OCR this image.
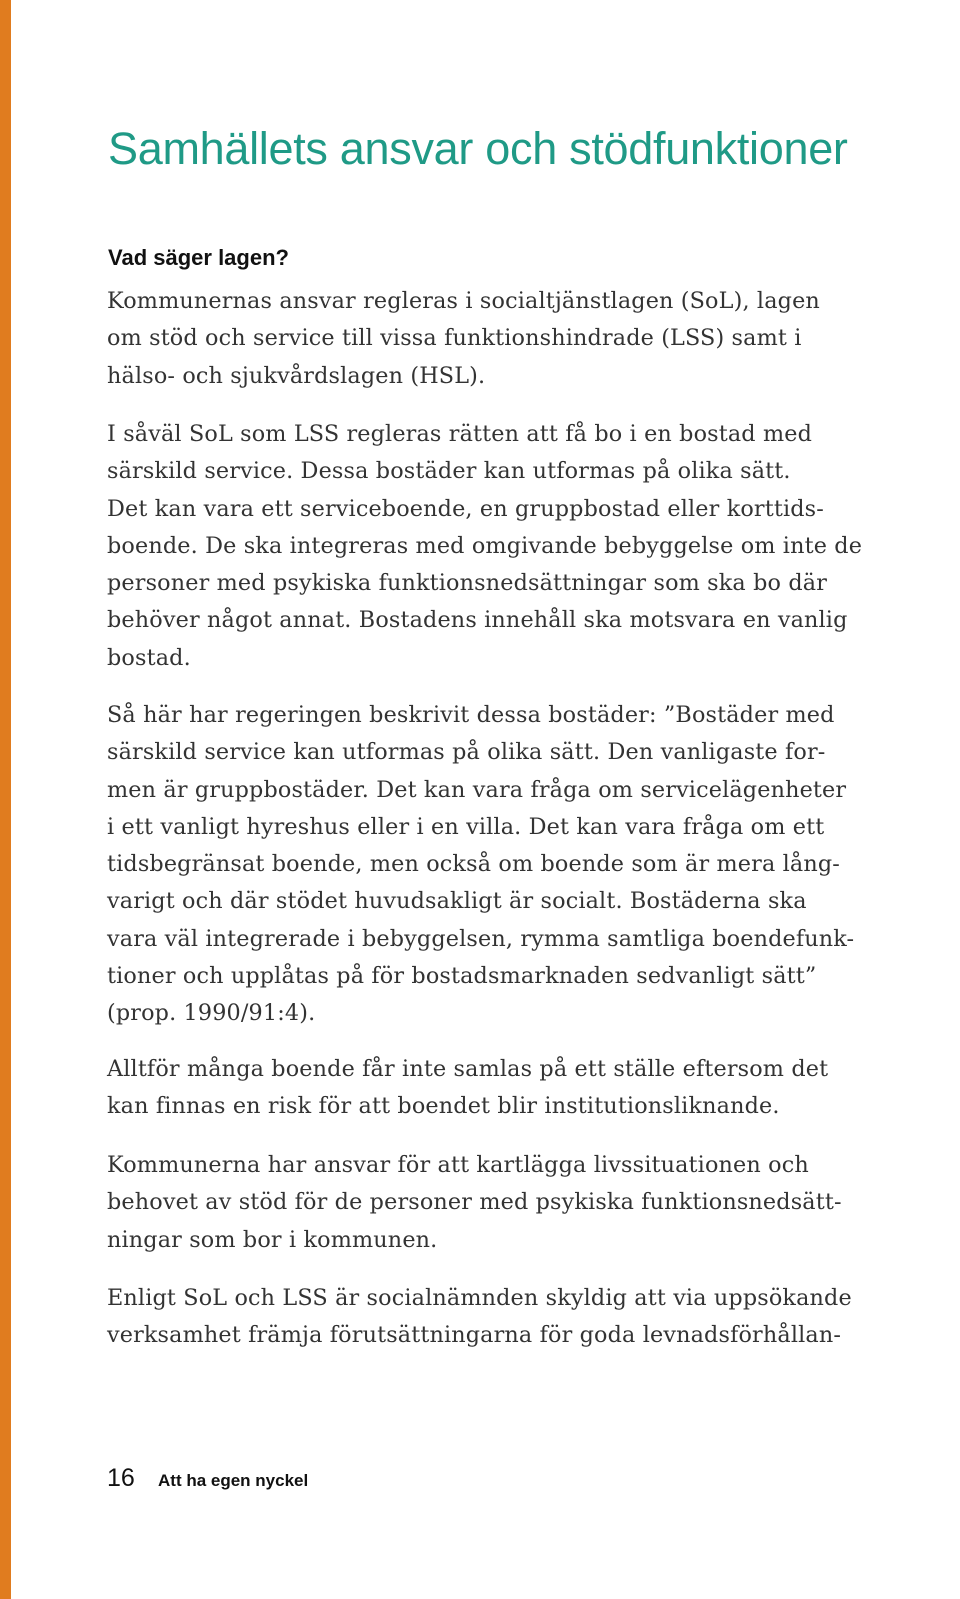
Samhällets ansvar och stödfunktioner
Vad säger lagen?

Kommunernas ansvar regleras i socialtjänstlagen (SoL), lagen
om stöd och service till vissa funktionshindrade (LSS) samt i
hälso- och sjukvårdslagen (HSL).

I såväl SoL som LSS regleras rätten att få bo i en bostad med
särskild service. Dessa bostäder kan utformas på olika sätt.
Det kan vara ett serviceboende, en gruppbostad eller korttids-
boende. De ska integreras med omgivande bebyggelse om inte de
personer med psykiska funktionsnedsättningar som ska bo där
behöver något annat. Bostadens innehåll ska motsvara en vanlig
bostad.

Så här har regeringen beskrivit dessa bostäder: ”Bostäder med
särskild service kan utformas på olika sätt. Den vanligaste for-
men är gruppbostäder. Det kan vara fråga om servicelägenheter
i ett vanligt hyreshus eller i en villa. Det kan vara fråga om ett
tidsbegränsat boende, men också om boende som är mera lång-
varigt och där stödet huvudsakligt är socialt. Bostäderna ska
vara väl integrerade i bebyggelsen, rymma samtliga boendefunk-
tioner och upplåtas på för bostadsmarknaden sedvanligt sätt”
(prop. 1990/91:4).

Alltför många boende får inte samlas på ett ställe eftersom det
kan finnas en risk för att boendet blir institutionsliknande.

Kommunerna har ansvar för att kartlägga livssituationen och
behovet av stöd för de personer med psykiska funktionsnedsätt-
ningar som bor i kommunen.

Enligt SoL och LSS är socialnämnden skyldig att via uppsökande
verksamhet främja förutsättningarna för goda levnadsförhållan-

16 Att ha egen nyckel
